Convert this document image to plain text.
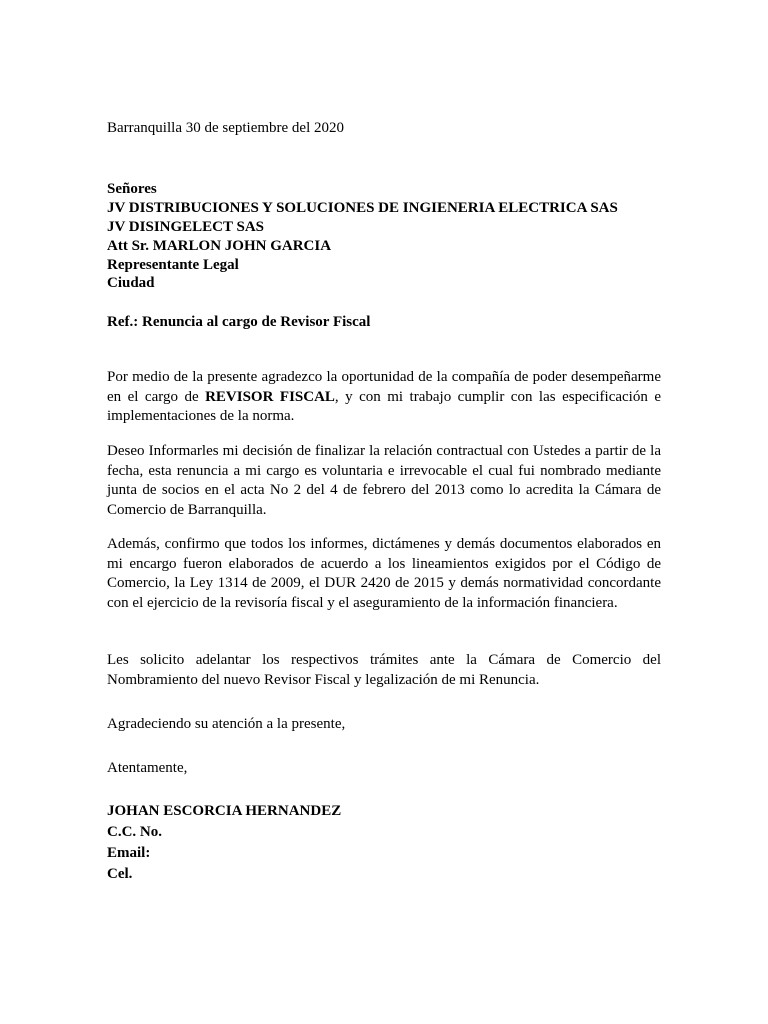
Barranquilla 30 de septiembre del 2020
Señores
JV DISTRIBUCIONES Y SOLUCIONES DE INGIENERIA ELECTRICA SAS
JV DISINGELECT SAS
Att Sr. MARLON JOHN GARCIA
Representante Legal
Ciudad
Ref.: Renuncia al cargo de Revisor Fiscal
Por medio de la presente agradezco la oportunidad de la compañía de poder desempeñarme en el cargo de REVISOR FISCAL, y con mi trabajo cumplir con las especificación e implementaciones de la norma.
Deseo Informarles mi decisión de finalizar la relación contractual con Ustedes a partir de la fecha, esta renuncia a mi cargo es voluntaria e irrevocable el cual fui nombrado mediante junta de socios en el acta No 2 del 4 de febrero del 2013 como lo acredita la Cámara de Comercio de Barranquilla.
Además, confirmo que todos los informes, dictámenes y demás documentos elaborados en mi encargo fueron elaborados de acuerdo a los lineamientos exigidos por el Código de Comercio, la Ley 1314 de 2009, el DUR 2420 de 2015 y demás normatividad concordante con el ejercicio de la revisoría fiscal y el aseguramiento de la información financiera.
Les solicito adelantar los respectivos trámites ante la Cámara de Comercio del Nombramiento del nuevo Revisor Fiscal y legalización de mi Renuncia.
Agradeciendo su atención a la presente,
Atentamente,
JOHAN ESCORCIA HERNANDEZ
C.C. No.
Email:
Cel.
